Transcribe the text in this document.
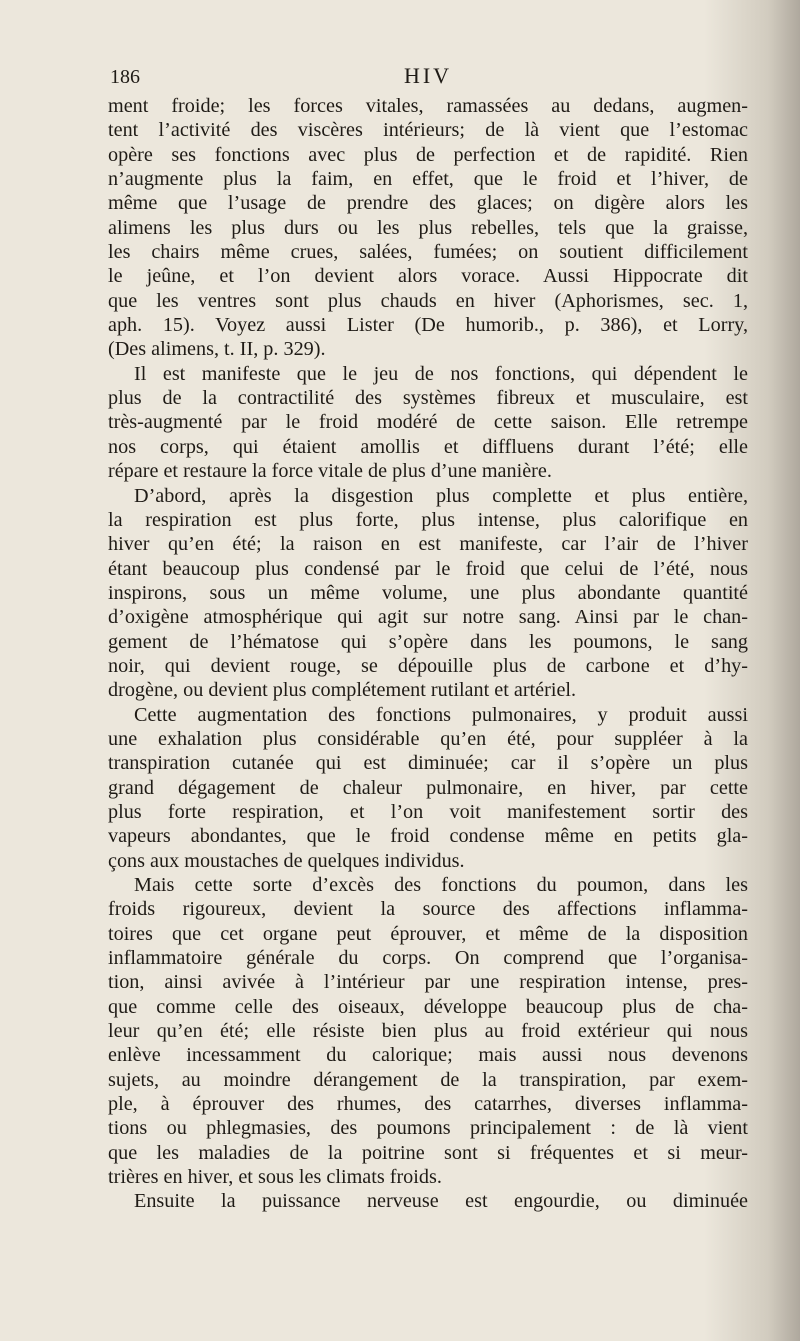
186	HIV
ment froide; les forces vitales, ramassées au dedans, augmen-
tent l’activité des viscères intérieurs; de là vient que l’estomac
opère ses fonctions avec plus de perfection et de rapidité. Rien
n’augmente plus la faim, en effet, que le froid et l’hiver, de
même que l’usage de prendre des glaces; on digère alors les
alimens les plus durs ou les plus rebelles, tels que la graisse,
les chairs même crues, salées, fumées; on soutient difficilement
le jeûne, et l’on devient alors vorace. Aussi Hippocrate dit
que les ventres sont plus chauds en hiver (Aphorismes, sec. 1,
aph. 15). Voyez aussi Lister (De humorib., p. 386), et Lorry,
(Des alimens, t. II, p. 329).
Il est manifeste que le jeu de nos fonctions, qui dépendent le
plus de la contractilité des systèmes fibreux et musculaire, est
très-augmenté par le froid modéré de cette saison. Elle retrempe
nos corps, qui étaient amollis et diffluens durant l’été; elle
répare et restaure la force vitale de plus d’une manière.
D’abord, après la disgestion plus complette et plus entière,
la respiration est plus forte, plus intense, plus calorifique en
hiver qu’en été; la raison en est manifeste, car l’air de l’hiver
étant beaucoup plus condensé par le froid que celui de l’été, nous
inspirons, sous un même volume, une plus abondante quantité
d’oxigène atmosphérique qui agit sur notre sang. Ainsi par le chan-
gement de l’hématose qui s’opère dans les poumons, le sang
noir, qui devient rouge, se dépouille plus de carbone et d’hy-
drogène, ou devient plus complétement rutilant et artériel.
Cette augmentation des fonctions pulmonaires, y produit aussi
une exhalation plus considérable qu’en été, pour suppléer à la
transpiration cutanée qui est diminuée; car il s’opère un plus
grand dégagement de chaleur pulmonaire, en hiver, par cette
plus forte respiration, et l’on voit manifestement sortir des
vapeurs abondantes, que le froid condense même en petits gla-
çons aux moustaches de quelques individus.
Mais cette sorte d’excès des fonctions du poumon, dans les
froids rigoureux, devient la source des affections inflamma-
toires que cet organe peut éprouver, et même de la disposition
inflammatoire générale du corps. On comprend que l’organisa-
tion, ainsi avivée à l’intérieur par une respiration intense, pres-
que comme celle des oiseaux, développe beaucoup plus de cha-
leur qu’en été; elle résiste bien plus au froid extérieur qui nous
enlève incessamment du calorique; mais aussi nous devenons
sujets, au moindre dérangement de la transpiration, par exem-
ple, à éprouver des rhumes, des catarrhes, diverses inflamma-
tions ou phlegmasies, des poumons principalement : de là vient
que les maladies de la poitrine sont si fréquentes et si meur-
trières en hiver, et sous les climats froids.
Ensuite la puissance nerveuse est engourdie, ou diminuée
